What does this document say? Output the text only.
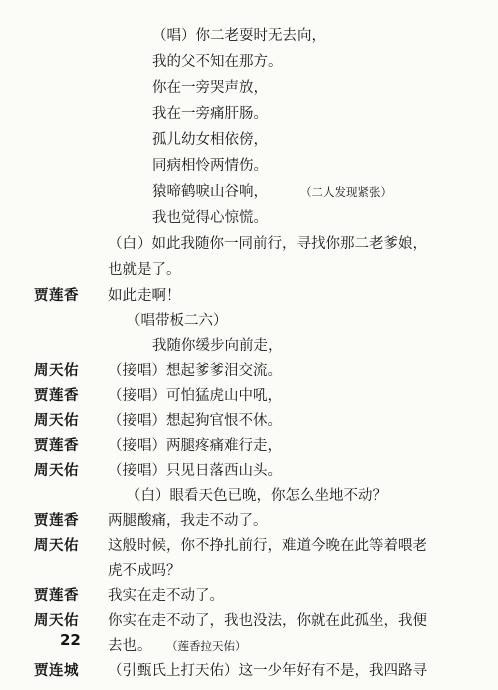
（唱）你二老耍时无去向，
我的父不知在那方。
你在一旁哭声放，
我在一旁痛肝肠。
孤儿幼女相依傍，
同病相怜两情伤。
猿啼鹤唳山谷响，	（二人发现紧张）
我也觉得心惊慌。
（白）如此我随你一同前行，寻找你那二老爹娘，
也就是了。
贾莲香 如此走啊！
（唱带板二六）
我随你缓步向前走，
周天佑 （接唱）想起爹爹泪交流。
贾莲香 （接唱）可怕猛虎山中吼，
周天佑 （接唱）想起狗官恨不休。
贾莲香 （接唱）两腿疼痛难行走，
周天佑 （接唱）只见日落西山头。
（白）眼看天色已晚，你怎么坐地不动？
贾莲香 两腿酸痛，我走不动了。
周天佑 这般时候，你不挣扎前行，难道今晚在此等着喂老
虎不成吗？
贾莲香 我实在走不动了。
周天佑 你实在走不动了，我也没法，你就在此孤坐，我便
去也。 （莲香拉天佑）
贾连城 （引甄氏上打天佑）这一少年好有不是，我四路寻
22
